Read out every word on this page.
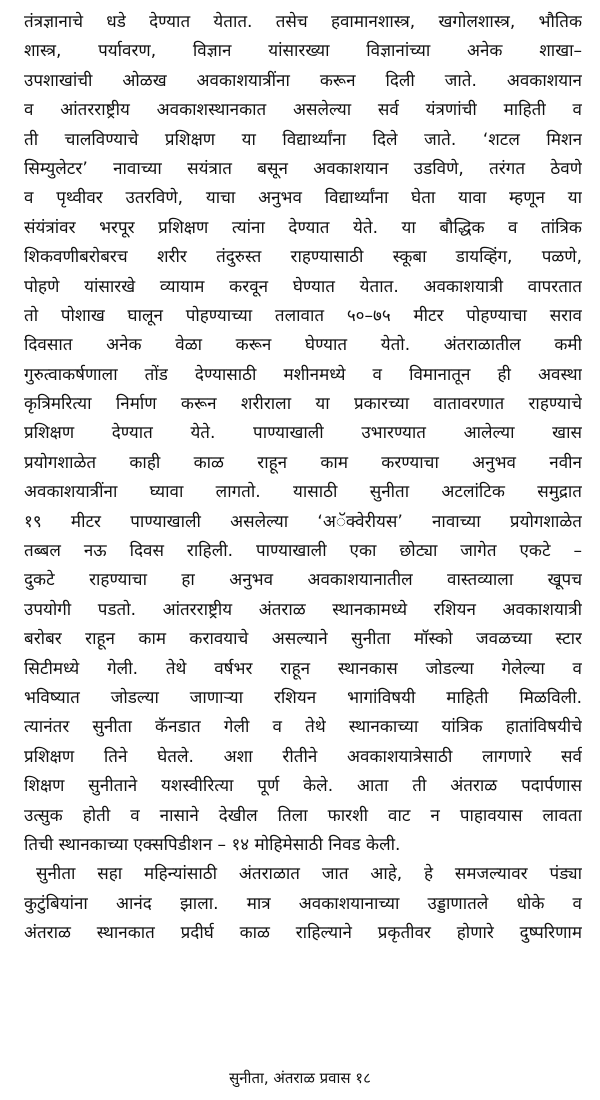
तंत्रज्ञानाचे धडे देण्यात येतात. तसेच हवामानशास्त्र, खगोलशास्त्र, भौतिक
शास्त्र, पर्यावरण, विज्ञान यांसारख्या विज्ञानांच्या अनेक शाखा–
उपशाखांची ओळख अवकाशयात्रींना करून दिली जाते. अवकाशयान
व आंतरराष्ट्रीय अवकाशस्थानकात असलेल्या सर्व यंत्रणांची माहिती व
ती चालविण्याचे प्रशिक्षण या विद्यार्थ्यांना दिले जाते. ‘शटल मिशन
सिम्युलेटर’ नावाच्या सयंत्रात बसून अवकाशयान उडविणे, तरंगत ठेवणे
व पृथ्वीवर उतरविणे, याचा अनुभव विद्यार्थ्यांना घेता यावा म्हणून या
संयंत्रांवर भरपूर प्रशिक्षण त्यांना देण्यात येते. या बौद्धिक व तांत्रिक
शिकवणीबरोबरच शरीर तंदुरुस्त राहण्यासाठी स्कूबा डायव्हिंग, पळणे,
पोहणे यांसारखे व्यायाम करवून घेण्यात येतात. अवकाशयात्री वापरतात
तो पोशाख घालून पोहण्याच्या तलावात ५०–७५ मीटर पोहण्याचा सराव
दिवसात अनेक वेळा करून घेण्यात येतो. अंतराळातील कमी
गुरुत्वाकर्षणाला तोंड देण्यासाठी मशीनमध्ये व विमानातून ही अवस्था
कृत्रिमरित्या निर्माण करून शरीराला या प्रकारच्या वातावरणात राहण्याचे
प्रशिक्षण देण्यात येते. पाण्याखाली उभारण्यात आलेल्या खास
प्रयोगशाळेत काही काळ राहून काम करण्याचा अनुभव नवीन
अवकाशयात्रींना घ्यावा लागतो. यासाठी सुनीता अटलांटिक समुद्रात
१९ मीटर पाण्याखाली असलेल्या ‘अॅक्वेरीयस’ नावाच्या प्रयोगशाळेत
तब्बल नऊ दिवस राहिली. पाण्याखाली एका छोट्या जागेत एकटे –
दुकटे राहण्याचा हा अनुभव अवकाशयानातील वास्तव्याला खूपच
उपयोगी पडतो. आंतरराष्ट्रीय अंतराळ स्थानकामध्ये रशियन अवकाशयात्री
बरोबर राहून काम करावयाचे असल्याने सुनीता मॉस्को जवळच्या स्टार
सिटीमध्ये गेली. तेथे वर्षभर राहून स्थानकास जोडल्या गेलेल्या व
भविष्यात जोडल्या जाणाऱ्या रशियन भागांविषयी माहिती मिळविली.
त्यानंतर सुनीता कॅनडात गेली व तेथे स्थानकाच्या यांत्रिक हातांविषयीचे
प्रशिक्षण तिने घेतले. अशा रीतीने अवकाशयात्रेसाठी लागणारे सर्व
शिक्षण सुनीताने यशस्वीरित्या पूर्ण केले. आता ती अंतराळ पदार्पणास
उत्सुक होती व नासाने देखील तिला फारशी वाट न पाहावयास लावता
तिची स्थानकाच्या एक्सपिडीशन – १४ मोहिमेसाठी निवड केली.
सुनीता सहा महिन्यांसाठी अंतराळात जात आहे, हे समजल्यावर पंड्या
कुटुंबियांना आनंद झाला. मात्र अवकाशयानाच्या उड्डाणातले धोके व
अंतराळ स्थानकात प्रदीर्घ काळ राहिल्याने प्रकृतीवर होणारे दुष्परिणाम
सुनीता, अंतराळ प्रवास १८
